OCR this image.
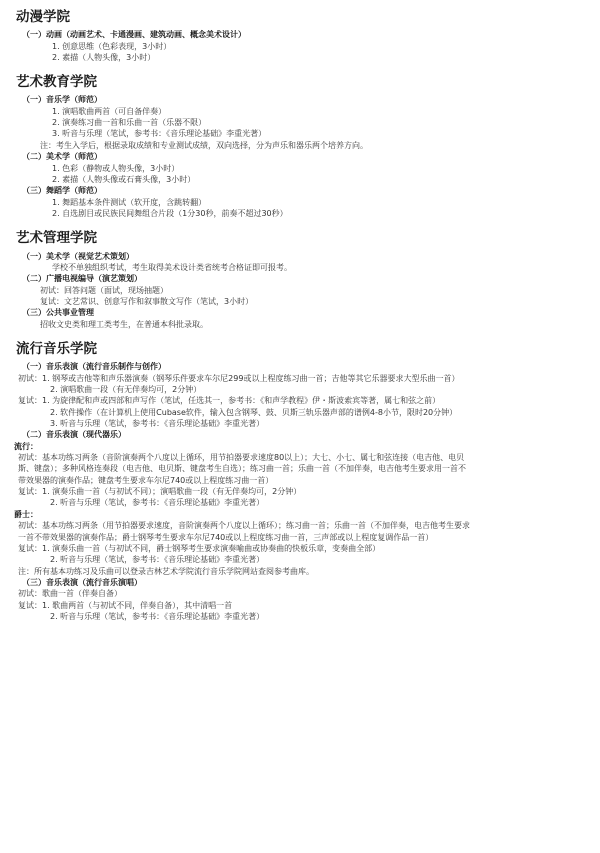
动漫学院
（一）动画（动画艺术、卡通漫画、建筑动画、概念美术设计）
1. 创意思维（色彩表现，3小时）
2. 素描（人物头像，3小时）
艺术教育学院
（一）音乐学（师范）
1. 演唱歌曲两首（可自备伴奏）
2. 演奏练习曲一首和乐曲一首（乐器不限）
3. 听音与乐理（笔试，参考书：《音乐理论基础》李重光著）
注：考生入学后，根据录取成绩和专业测试成绩，双向选择，分为声乐和器乐两个培养方向。
（二）美术学（师范）
1. 色彩（静物或人物头像，3小时）
2. 素描（人物头像或石膏头像，3小时）
（三）舞蹈学（师范）
1. 舞蹈基本条件测试（软开度，含跳转翻）
2. 自选剧目或民族民间舞组合片段（1分30秒，前奏不超过30秒）
艺术管理学院
（一）美术学（视觉艺术策划）
学校不单独组织考试，考生取得美术设计类省统考合格证即可报考。
（二）广播电视编导（演艺策划）
初试：回答问题（面试，现场抽题）
复试：文艺常识、创意写作和叙事散文写作（笔试，3小时）
（三）公共事业管理
招收文史类和理工类考生，在普通本科批录取。
流行音乐学院
（一）音乐表演（流行音乐制作与创作）
初试：1. 钢琴或吉他等和声乐器演奏（钢琴乐件要求车尔尼299或以上程度练习曲一首；吉他等其它乐器要求大型乐曲一首）
2. 演唱歌曲一段（有无伴奏均可，2分钟）
复试：1. 为旋律配和声或四部和声写作（笔试，任选其一，参考书：《和声学教程》伊・斯波索宾等著，属七和弦之前）
2. 软件操作（在计算机上使用Cubase软件，输入包含钢琴、鼓、贝斯三轨乐器声部的谱例4-8小节，限时20分钟）
3. 听音与乐理（笔试，参考书：《音乐理论基础》李重光著）
（二）音乐表演（现代器乐）
流行：
初试：基本功练习两条（音阶演奏两个八度以上循环，用节拍器要求速度80以上）；大七、小七、属七和弦连接（电吉他、电贝
斯、键盘）；多种风格连奏段（电吉他、电贝斯、键盘考生自选）；练习曲一首；乐曲一首（不加伴奏，电吉他考生要求用一首不
带效果器的演奏作品；键盘考生要求车尔尼740或以上程度练习曲一首）
复试：1. 演奏乐曲一首（与初试不同）；演唱歌曲一段（有无伴奏均可，2分钟）
2. 听音与乐理（笔试，参考书：《音乐理论基础》李重光著）
爵士：
初试：基本功练习两条（用节拍器要求速度，音阶演奏两个八度以上循环）；练习曲一首；乐曲一首（不加伴奏，电吉他考生要求
一首不带效果器的演奏作品；爵士钢琴考生要求车尔尼740或以上程度练习曲一首，三声部或以上程度复调作品一首）
复试：1. 演奏乐曲一首（与初试不同，爵士钢琴考生要求演奏喻曲或协奏曲的快板乐章，变奏曲全部）
2. 听音与乐理（笔试，参考书：《音乐理论基础》李重光著）
注：所有基本功练习及乐曲可以登录吉林艺术学院流行音乐学院网站查阅参考曲库。
（三）音乐表演（流行音乐演唱）
初试：歌曲一首（伴奏自备）
复试：1. 歌曲两首（与初试不同，伴奏自备），其中清唱一首
2. 听音与乐理（笔试，参考书：《音乐理论基础》李重光著）
